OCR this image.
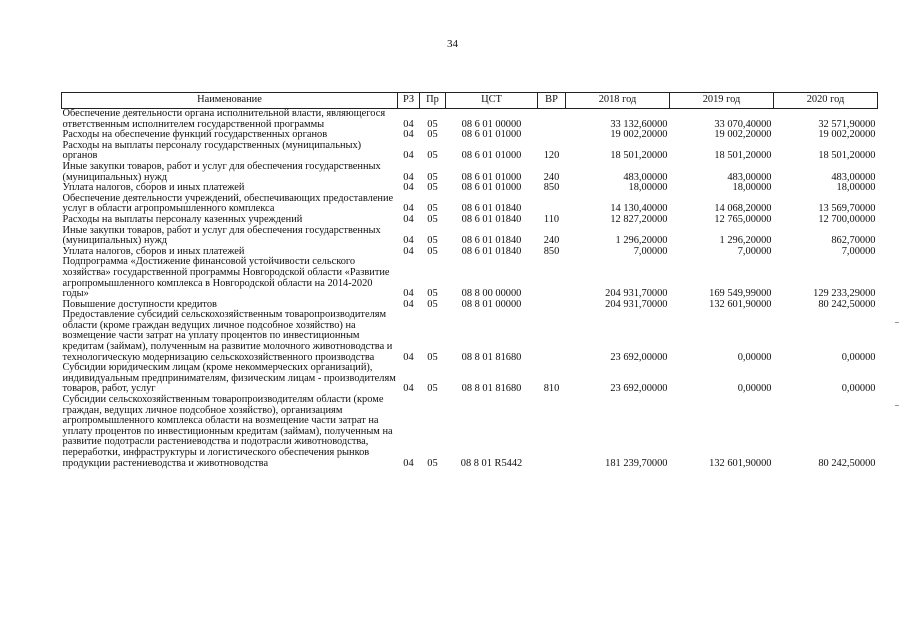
34
Наименование	РЗ	Пр	ЦСТ	ВР	2018 год	2019 год	2020 год
Обеспечение деятельности органа исполнительной власти, являющегося ответственным исполнителем государственной программы	04	05	08 6 01 00000		33 132,60000	33 070,40000	32 571,90000
Расходы на обеспечение функций государственных органов	04	05	08 6 01 01000		19 002,20000	19 002,20000	19 002,20000
Расходы на выплаты персоналу государственных (муниципальных) органов	04	05	08 6 01 01000	120	18 501,20000	18 501,20000	18 501,20000
Иные закупки товаров, работ и услуг для обеспечения государственных (муниципальных) нужд	04	05	08 6 01 01000	240	483,00000	483,00000	483,00000
Уплата налогов, сборов и иных платежей	04	05	08 6 01 01000	850	18,00000	18,00000	18,00000
Обеспечение деятельности учреждений, обеспечивающих предоставление услуг в области агропромышленного комплекса	04	05	08 6 01 01840		14 130,40000	14 068,20000	13 569,70000
Расходы на выплаты персоналу казенных учреждений	04	05	08 6 01 01840	110	12 827,20000	12 765,00000	12 700,00000
Иные закупки товаров, работ и услуг для обеспечения государственных (муниципальных) нужд	04	05	08 6 01 01840	240	1 296,20000	1 296,20000	862,70000
Уплата налогов, сборов и иных платежей	04	05	08 6 01 01840	850	7,00000	7,00000	7,00000
Подпрограмма «Достижение финансовой устойчивости сельского хозяйства» государственной программы Новгородской области «Развитие агропромышленного комплекса в Новгородской области на 2014-2020 годы»	04	05	08 8 00 00000		204 931,70000	169 549,99000	129 233,29000
Повышение доступности кредитов	04	05	08 8 01 00000		204 931,70000	132 601,90000	80 242,50000
Предоставление субсидий сельскохозяйственным товаропроизводителям области (кроме граждан ведущих личное подсобное хозяйство) на возмещение части затрат на уплату процентов по инвестиционным кредитам (займам), полученным на развитие молочного животноводства и технологическую модернизацию сельскохозяйственного производства	04	05	08 8 01 81680		23 692,00000	0,00000	0,00000
Субсидии юридическим лицам (кроме некоммерческих организаций), индивидуальным предпринимателям, физическим лицам - производителям товаров, работ, услуг	04	05	08 8 01 81680	810	23 692,00000	0,00000	0,00000
Субсидии сельскохозяйственным товаропроизводителям области (кроме граждан, ведущих личное подсобное хозяйство), организациям агропромышленного комплекса области на возмещение части затрат на уплату процентов по инвестиционным кредитам (займам), полученным на развитие подотрасли растениеводства и подотрасли животноводства, переработки, инфраструктуры и логистического обеспечения рынков продукции растениеводства и животноводства	04	05	08 8 01 R5442		181 239,70000	132 601,90000	80 242,50000
